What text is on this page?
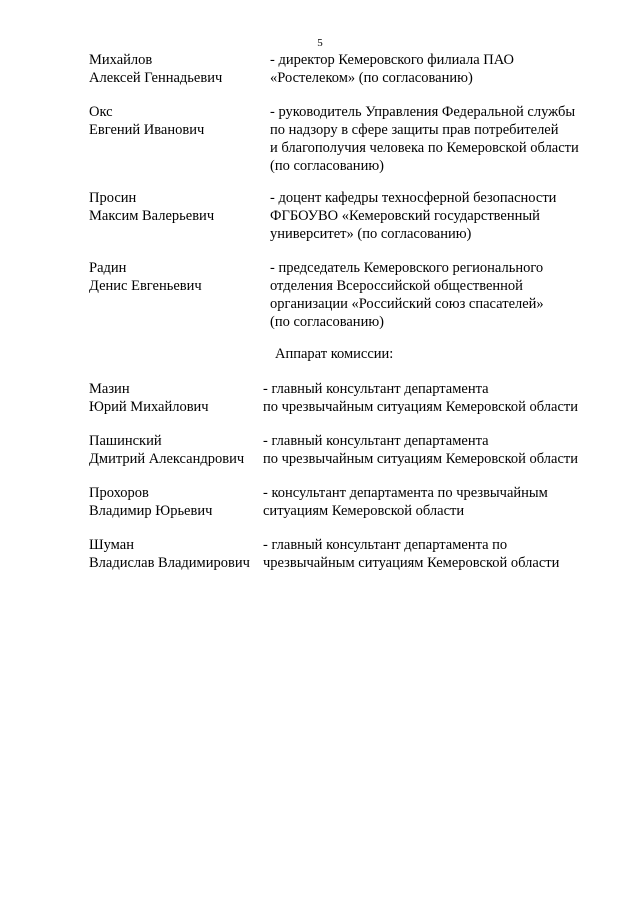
5
Михайлов
Алексей Геннадьевич
- директор Кемеровского филиала ПАО
«Ростелеком» (по согласованию)
Окс
Евгений Иванович
- руководитель Управления Федеральной службы
по надзору в сфере защиты прав потребителей
и благополучия человека по Кемеровской области
(по согласованию)
Просин
Максим Валерьевич
- доцент кафедры техносферной безопасности
ФГБОУВО «Кемеровский государственный
университет» (по согласованию)
Радин
Денис Евгеньевич
- председатель Кемеровского регионального
отделения Всероссийской общественной
организации «Российский союз спасателей»
(по согласованию)
Аппарат комиссии:
Мазин
Юрий Михайлович
- главный консультант департамента
по чрезвычайным ситуациям Кемеровской области
Пашинский
Дмитрий Александрович
- главный консультант департамента
по чрезвычайным ситуациям Кемеровской области
Прохоров
Владимир Юрьевич
- консультант департамента по чрезвычайным
ситуациям Кемеровской области
Шуман
Владислав Владимирович
- главный консультант департамента по
чрезвычайным ситуациям Кемеровской области
